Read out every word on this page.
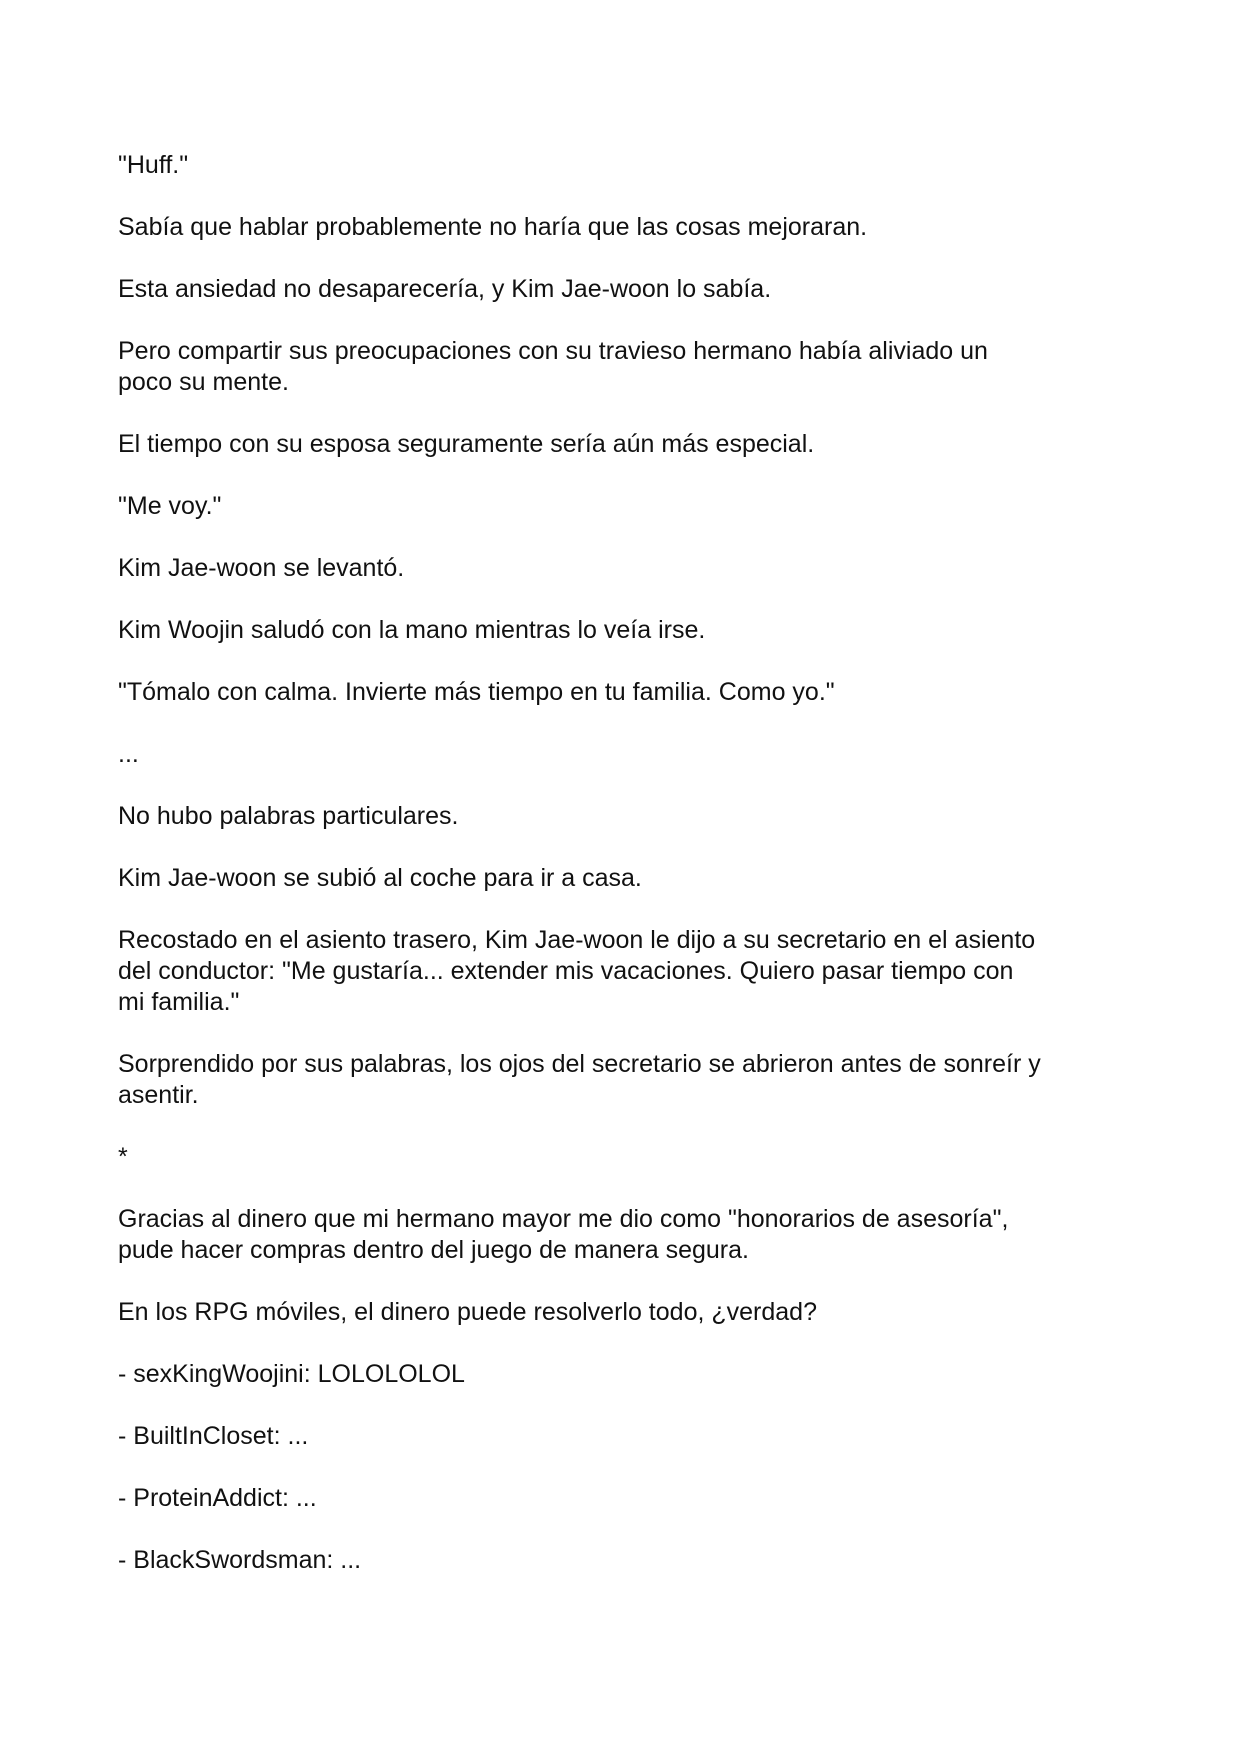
"Huff."

Sabía que hablar probablemente no haría que las cosas mejoraran.

Esta ansiedad no desaparecería, y Kim Jae-woon lo sabía.

Pero compartir sus preocupaciones con su travieso hermano había aliviado un
poco su mente.

El tiempo con su esposa seguramente sería aún más especial.

"Me voy."

Kim Jae-woon se levantó.

Kim Woojin saludó con la mano mientras lo veía irse.

"Tómalo con calma. Invierte más tiempo en tu familia. Como yo."

...

No hubo palabras particulares.

Kim Jae-woon se subió al coche para ir a casa.

Recostado en el asiento trasero, Kim Jae-woon le dijo a su secretario en el asiento
del conductor: "Me gustaría... extender mis vacaciones. Quiero pasar tiempo con
mi familia."

Sorprendido por sus palabras, los ojos del secretario se abrieron antes de sonreír y
asentir.

*

Gracias al dinero que mi hermano mayor me dio como "honorarios de asesoría",
pude hacer compras dentro del juego de manera segura.

En los RPG móviles, el dinero puede resolverlo todo, ¿verdad?

- sexKingWoojini: LOLOLOLOL

- BuiltInCloset: ...

- ProteinAddict: ...

- BlackSwordsman: ...
